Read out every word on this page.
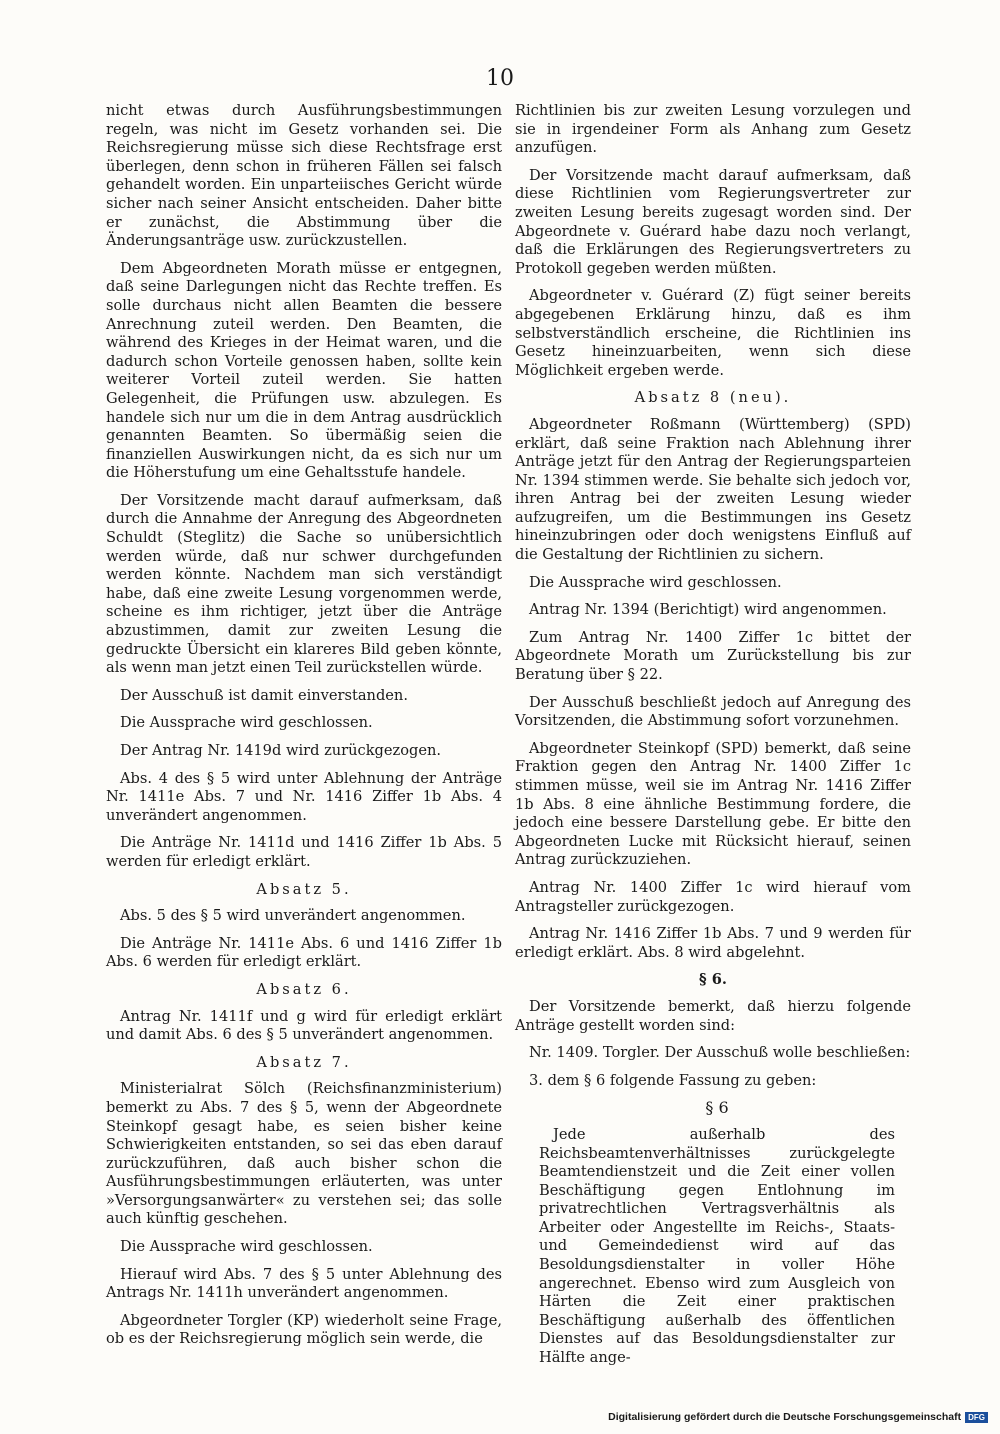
10

nicht etwas durch Ausführungsbestimmungen regeln, was nicht im Gesetz vorhanden sei. Die Reichsregierung müsse sich diese Rechtsfrage erst überlegen, denn schon in früheren Fällen sei falsch gehandelt worden. Ein unparteiisches Gericht würde sicher nach seiner Ansicht entscheiden. Daher bitte er zunächst, die Abstimmung über die Änderungsanträge usw. zurückzustellen.

Dem Abgeordneten Morath müsse er entgegnen, daß seine Darlegungen nicht das Rechte treffen. Es solle durchaus nicht allen Beamten die bessere Anrechnung zuteil werden. Den Beamten, die während des Krieges in der Heimat waren, und die dadurch schon Vorteile genossen haben, sollte kein weiterer Vorteil zuteil werden. Sie hatten Gelegenheit, die Prüfungen usw. abzulegen. Es handele sich nur um die in dem Antrag ausdrücklich genannten Beamten. So übermäßig seien die finanziellen Auswirkungen nicht, da es sich nur um die Höherstufung um eine Gehaltsstufe handele.

Der Vorsitzende macht darauf aufmerksam, daß durch die Annahme der Anregung des Abgeordneten Schuldt (Steglitz) die Sache so unübersichtlich werden würde, daß nur schwer durchgefunden werden könnte. Nachdem man sich verständigt habe, daß eine zweite Lesung vorgenommen werde, scheine es ihm richtiger, jetzt über die Anträge abzustimmen, damit zur zweiten Lesung die gedruckte Übersicht ein klareres Bild geben könnte, als wenn man jetzt einen Teil zurückstellen würde.

Der Ausschuß ist damit einverstanden.

Die Aussprache wird geschlossen.

Der Antrag Nr. 1419d wird zurückgezogen.

Abs. 4 des § 5 wird unter Ablehnung der Anträge Nr. 1411e Abs. 7 und Nr. 1416 Ziffer 1b Abs. 4 unverändert angenommen.

Die Anträge Nr. 1411d und 1416 Ziffer 1b Abs. 5 werden für erledigt erklärt.

Absatz 5.

Abs. 5 des § 5 wird unverändert angenommen.

Die Anträge Nr. 1411e Abs. 6 und 1416 Ziffer 1b Abs. 6 werden für erledigt erklärt.

Absatz 6.

Antrag Nr. 1411f und g wird für erledigt erklärt und damit Abs. 6 des § 5 unverändert angenommen.

Absatz 7.

Ministerialrat Sölch (Reichsfinanzministerium) bemerkt zu Abs. 7 des § 5, wenn der Abgeordnete Steinkopf gesagt habe, es seien bisher keine Schwierigkeiten entstanden, so sei das eben darauf zurückzuführen, daß auch bisher schon die Ausführungsbestimmungen erläuterten, was unter »Versorgungsanwärter« zu verstehen sei; das solle auch künftig geschehen.

Die Aussprache wird geschlossen.

Hierauf wird Abs. 7 des § 5 unter Ablehnung des Antrags Nr. 1411h unverändert angenommen.

Abgeordneter Torgler (KP) wiederholt seine Frage, ob es der Reichsregierung möglich sein werde, die

Richtlinien bis zur zweiten Lesung vorzulegen und sie in irgendeiner Form als Anhang zum Gesetz anzufügen.

Der Vorsitzende macht darauf aufmerksam, daß diese Richtlinien vom Regierungsvertreter zur zweiten Lesung bereits zugesagt worden sind. Der Abgeordnete v. Guérard habe dazu noch verlangt, daß die Erklärungen des Regierungsvertreters zu Protokoll gegeben werden müßten.

Abgeordneter v. Guérard (Z) fügt seiner bereits abgegebenen Erklärung hinzu, daß es ihm selbstverständlich erscheine, die Richtlinien ins Gesetz hineinzuarbeiten, wenn sich diese Möglichkeit ergeben werde.

Absatz 8 (neu).

Abgeordneter Roßmann (Württemberg) (SPD) erklärt, daß seine Fraktion nach Ablehnung ihrer Anträge jetzt für den Antrag der Regierungsparteien Nr. 1394 stimmen werde. Sie behalte sich jedoch vor, ihren Antrag bei der zweiten Lesung wieder aufzugreifen, um die Bestimmungen ins Gesetz hineinzubringen oder doch wenigstens Einfluß auf die Gestaltung der Richtlinien zu sichern.

Die Aussprache wird geschlossen.

Antrag Nr. 1394 (Berichtigt) wird angenommen.

Zum Antrag Nr. 1400 Ziffer 1c bittet der Abgeordnete Morath um Zurückstellung bis zur Beratung über § 22.

Der Ausschuß beschließt jedoch auf Anregung des Vorsitzenden, die Abstimmung sofort vorzunehmen.

Abgeordneter Steinkopf (SPD) bemerkt, daß seine Fraktion gegen den Antrag Nr. 1400 Ziffer 1c stimmen müsse, weil sie im Antrag Nr. 1416 Ziffer 1b Abs. 8 eine ähnliche Bestimmung fordere, die jedoch eine bessere Darstellung gebe. Er bitte den Abgeordneten Lucke mit Rücksicht hierauf, seinen Antrag zurückzuziehen.

Antrag Nr. 1400 Ziffer 1c wird hierauf vom Antragsteller zurückgezogen.

Antrag Nr. 1416 Ziffer 1b Abs. 7 und 9 werden für erledigt erklärt. Abs. 8 wird abgelehnt.

§ 6.

Der Vorsitzende bemerkt, daß hierzu folgende Anträge gestellt worden sind:

Nr. 1409. Torgler. Der Ausschuß wolle beschließen:

3. dem § 6 folgende Fassung zu geben:

§ 6

Jede außerhalb des Reichsbeamtenverhältnisses zurückgelegte Beamtendienstzeit und die Zeit einer vollen Beschäftigung gegen Entlohnung im privatrechtlichen Vertragsverhältnis als Arbeiter oder Angestellte im Reichs-, Staats- und Gemeindedienst wird auf das Besoldungsdienstalter in voller Höhe angerechnet. Ebenso wird zum Ausgleich von Härten die Zeit einer praktischen Beschäftigung außerhalb des öffentlichen Dienstes auf das Besoldungsdienstalter zur Hälfte ange-

Digitalisierung gefördert durch die Deutsche Forschungsgemeinschaft DFG
